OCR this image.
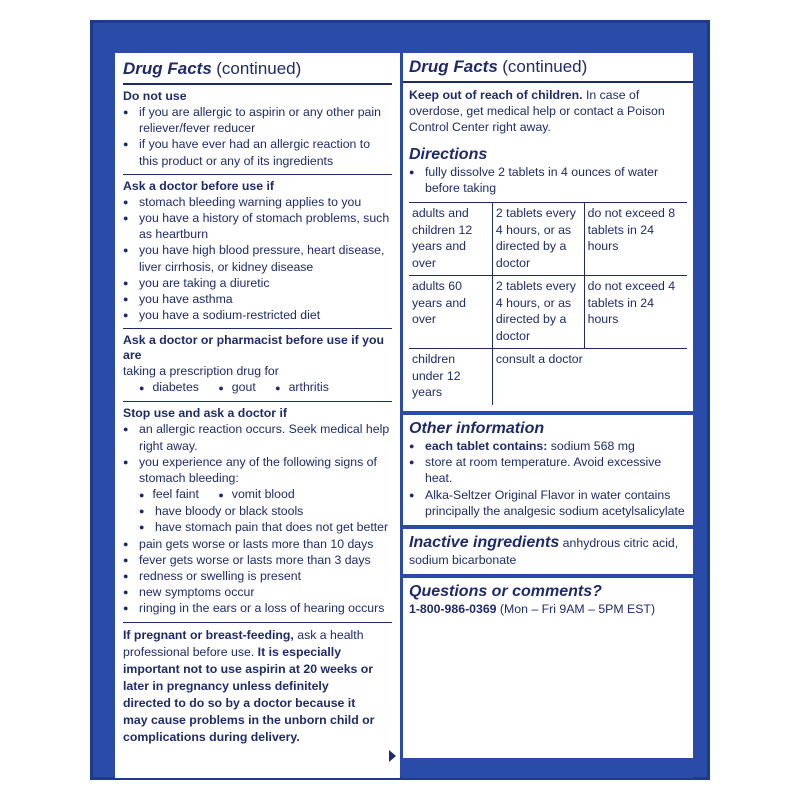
Drug Facts (continued)
Do not use
● if you are allergic to aspirin or any other pain reliever/fever reducer
● if you have ever had an allergic reaction to this product or any of its ingredients
Ask a doctor before use if
● stomach bleeding warning applies to you
● you have a history of stomach problems, such as heartburn
● you have high blood pressure, heart disease, liver cirrhosis, or kidney disease
● you are taking a diuretic
● you have asthma
● you have a sodium-restricted diet
Ask a doctor or pharmacist before use if you are
taking a prescription drug for
● diabetes ● gout ● arthritis
Stop use and ask a doctor if
● an allergic reaction occurs. Seek medical help right away.
● you experience any of the following signs of stomach bleeding:
● feel faint ● vomit blood
● have bloody or black stools
● have stomach pain that does not get better
● pain gets worse or lasts more than 10 days
● fever gets worse or lasts more than 3 days
● redness or swelling is present
● new symptoms occur
● ringing in the ears or a loss of hearing occurs
If pregnant or breast-feeding, ask a health professional before use. It is especially important not to use aspirin at 20 weeks or later in pregnancy unless definitely directed to do so by a doctor because it may cause problems in the unborn child or complications during delivery.
Drug Facts (continued)
Keep out of reach of children. In case of overdose, get medical help or contact a Poison Control Center right away.
Directions
● fully dissolve 2 tablets in 4 ounces of water before taking
adults and children 12 years and over	2 tablets every 4 hours, or as directed by a doctor	do not exceed 8 tablets in 24 hours
adults 60 years and over	2 tablets every 4 hours, or as directed by a doctor	do not exceed 4 tablets in 24 hours
children under 12 years	consult a doctor	
Other information
● each tablet contains: sodium 568 mg
● store at room temperature. Avoid excessive heat.
● Alka-Seltzer Original Flavor in water contains principally the analgesic sodium acetylsalicylate
Inactive ingredients anhydrous citric acid, sodium bicarbonate
Questions or comments?
1-800-986-0369 (Mon – Fri 9AM – 5PM EST)
